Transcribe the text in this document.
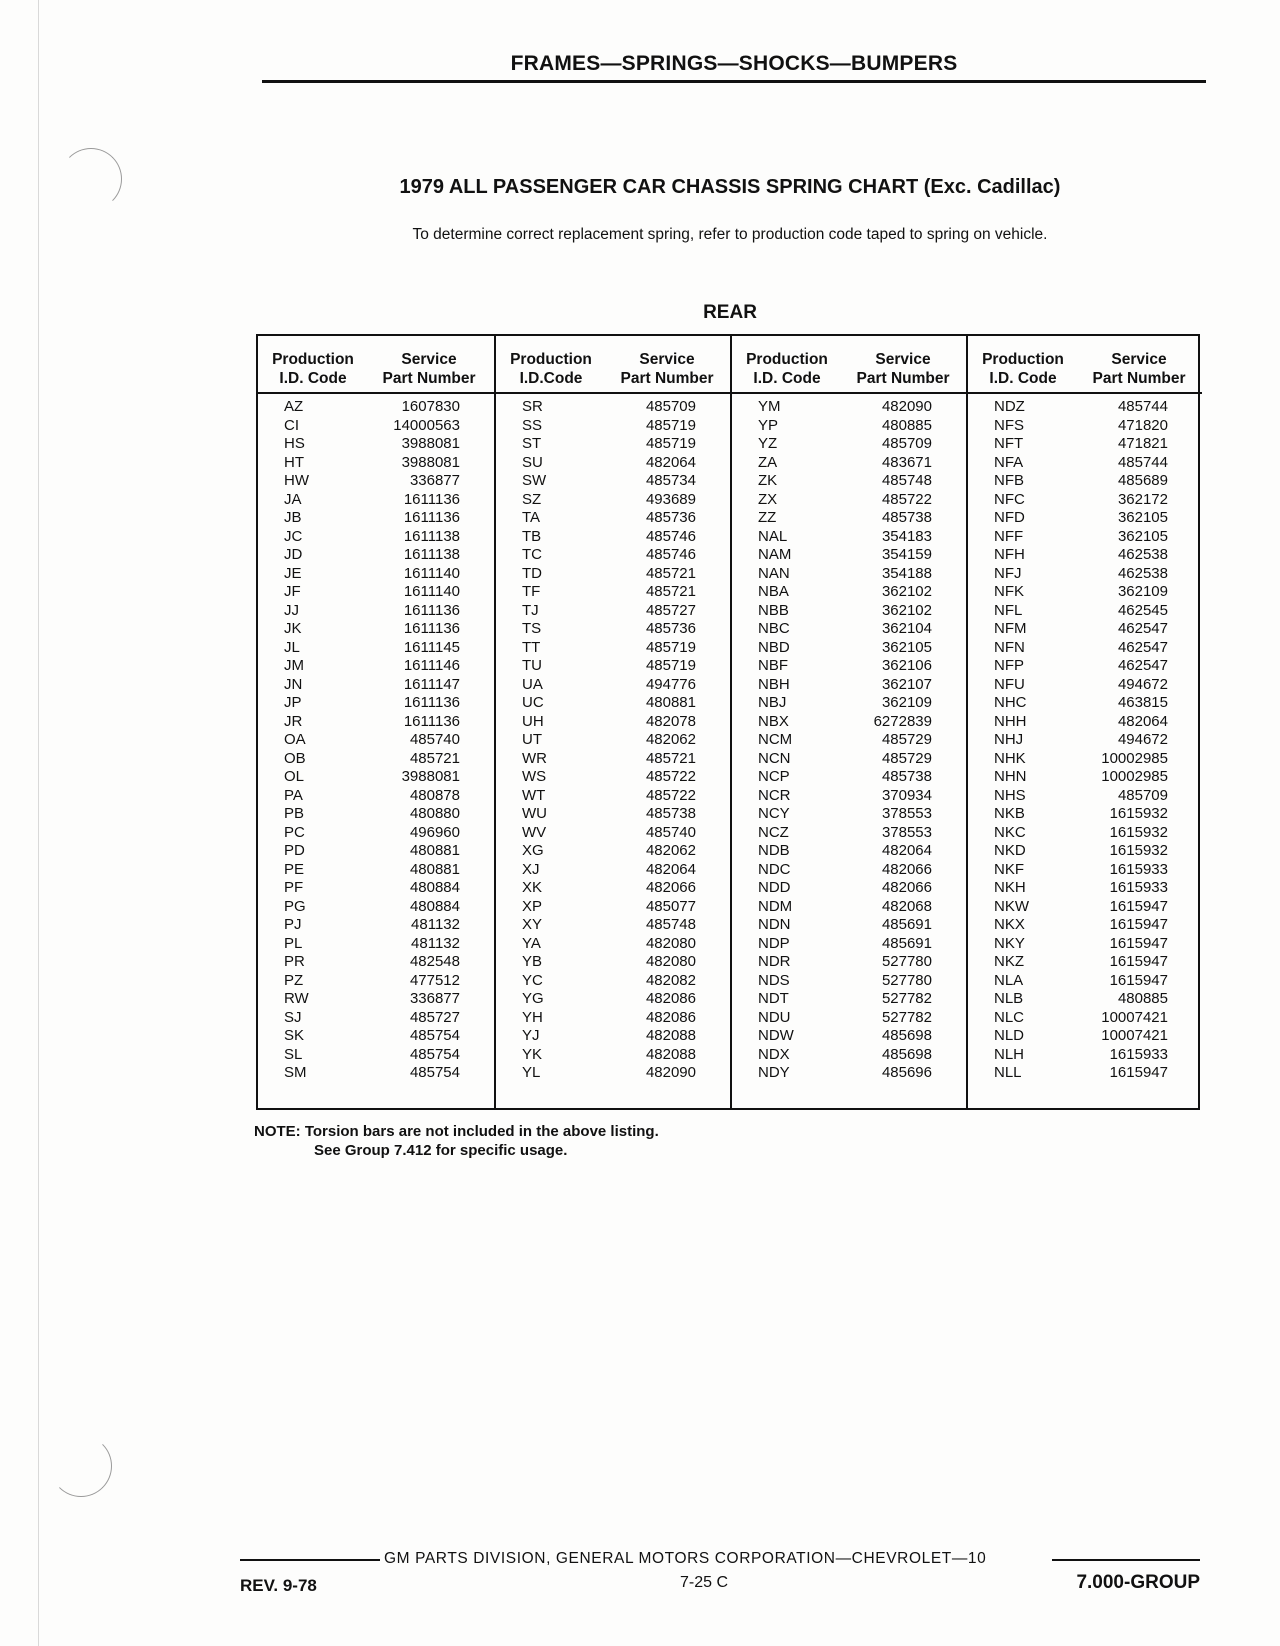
FRAMES—SPRINGS—SHOCKS—BUMPERS
1979 ALL PASSENGER CAR CHASSIS SPRING CHART (Exc. Cadillac)
To determine correct replacement spring, refer to production code taped to spring on vehicle.
REAR
Production
I.D. Code
Service
Part Number
AZ	1607830
CI	14000563
HS	3988081
HT	3988081
HW	336877
JA	1611136
JB	1611136
JC	1611138
JD	1611138
JE	1611140
JF	1611140
JJ	1611136
JK	1611136
JL	1611145
JM	1611146
JN	1611147
JP	1611136
JR	1611136
OA	485740
OB	485721
OL	3988081
PA	480878
PB	480880
PC	496960
PD	480881
PE	480881
PF	480884
PG	480884
PJ	481132
PL	481132
PR	482548
PZ	477512
RW	336877
SJ	485727
SK	485754
SL	485754
SM	485754
Production
I.D.Code
Service
Part Number
SR	485709
SS	485719
ST	485719
SU	482064
SW	485734
SZ	493689
TA	485736
TB	485746
TC	485746
TD	485721
TF	485721
TJ	485727
TS	485736
TT	485719
TU	485719
UA	494776
UC	480881
UH	482078
UT	482062
WR	485721
WS	485722
WT	485722
WU	485738
WV	485740
XG	482062
XJ	482064
XK	482066
XP	485077
XY	485748
YA	482080
YB	482080
YC	482082
YG	482086
YH	482086
YJ	482088
YK	482088
YL	482090
Production
I.D. Code
Service
Part Number
YM	482090
YP	480885
YZ	485709
ZA	483671
ZK	485748
ZX	485722
ZZ	485738
NAL	354183
NAM	354159
NAN	354188
NBA	362102
NBB	362102
NBC	362104
NBD	362105
NBF	362106
NBH	362107
NBJ	362109
NBX	6272839
NCM	485729
NCN	485729
NCP	485738
NCR	370934
NCY	378553
NCZ	378553
NDB	482064
NDC	482066
NDD	482066
NDM	482068
NDN	485691
NDP	485691
NDR	527780
NDS	527780
NDT	527782
NDU	527782
NDW	485698
NDX	485698
NDY	485696
Production
I.D. Code
Service
Part Number
NDZ	485744
NFS	471820
NFT	471821
NFA	485744
NFB	485689
NFC	362172
NFD	362105
NFF	362105
NFH	462538
NFJ	462538
NFK	362109
NFL	462545
NFM	462547
NFN	462547
NFP	462547
NFU	494672
NHC	463815
NHH	482064
NHJ	494672
NHK	10002985
NHN	10002985
NHS	485709
NKB	1615932
NKC	1615932
NKD	1615932
NKF	1615933
NKH	1615933
NKW	1615947
NKX	1615947
NKY	1615947
NKZ	1615947
NLA	1615947
NLB	480885
NLC	10007421
NLD	10007421
NLH	1615933
NLL	1615947
NOTE: Torsion bars are not included in the above listing.
See Group 7.412 for specific usage.
GM PARTS DIVISION, GENERAL MOTORS CORPORATION—CHEVROLET—10
REV. 9-78	7-25 C	7.000-GROUP
